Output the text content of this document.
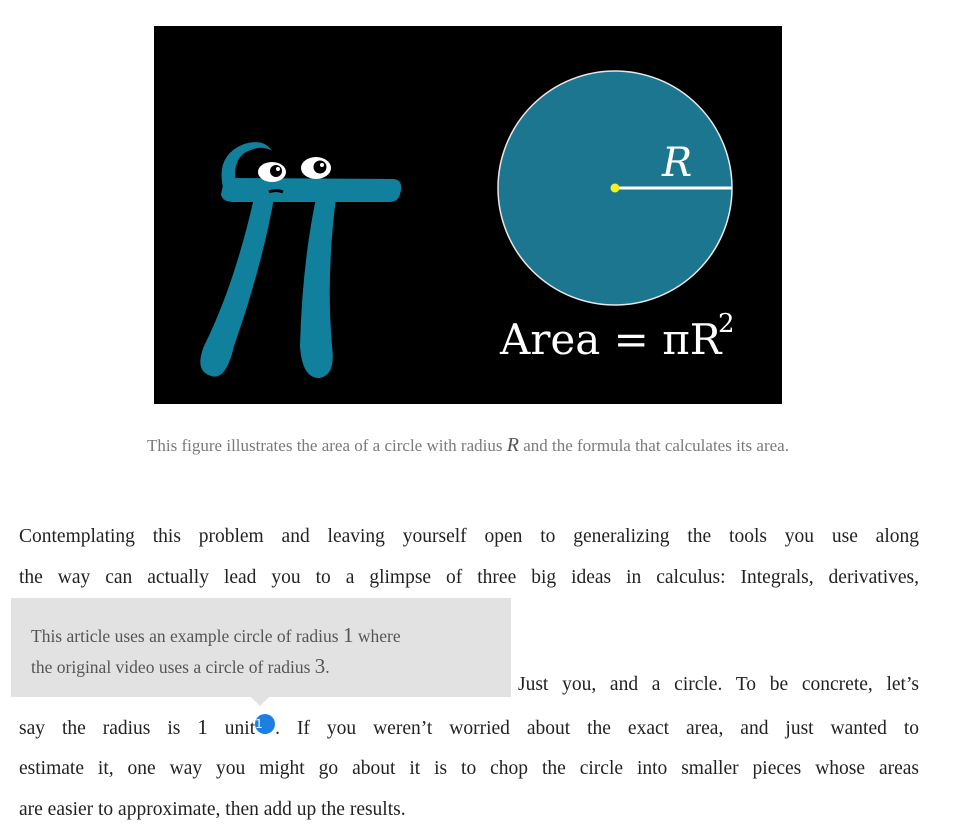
R
Area = πR
2
This figure illustrates the area of a circle with radius R and the formula that calculates its area.
Contemplating this problem and leaving yourself open to generalizing the tools you use along
the way can actually lead you to a glimpse of three big ideas in calculus: Integrals, derivatives,
Just you, and a circle. To be concrete, let’s
say the radius is 1 unit1 . If you weren’t worried about the exact area, and just wanted to
estimate it, one way you might go about it is to chop the circle into smaller pieces whose areas
are easier to approximate, then add up the results.
This article uses an example circle of radius 1 where
the original video uses a circle of radius 3.
